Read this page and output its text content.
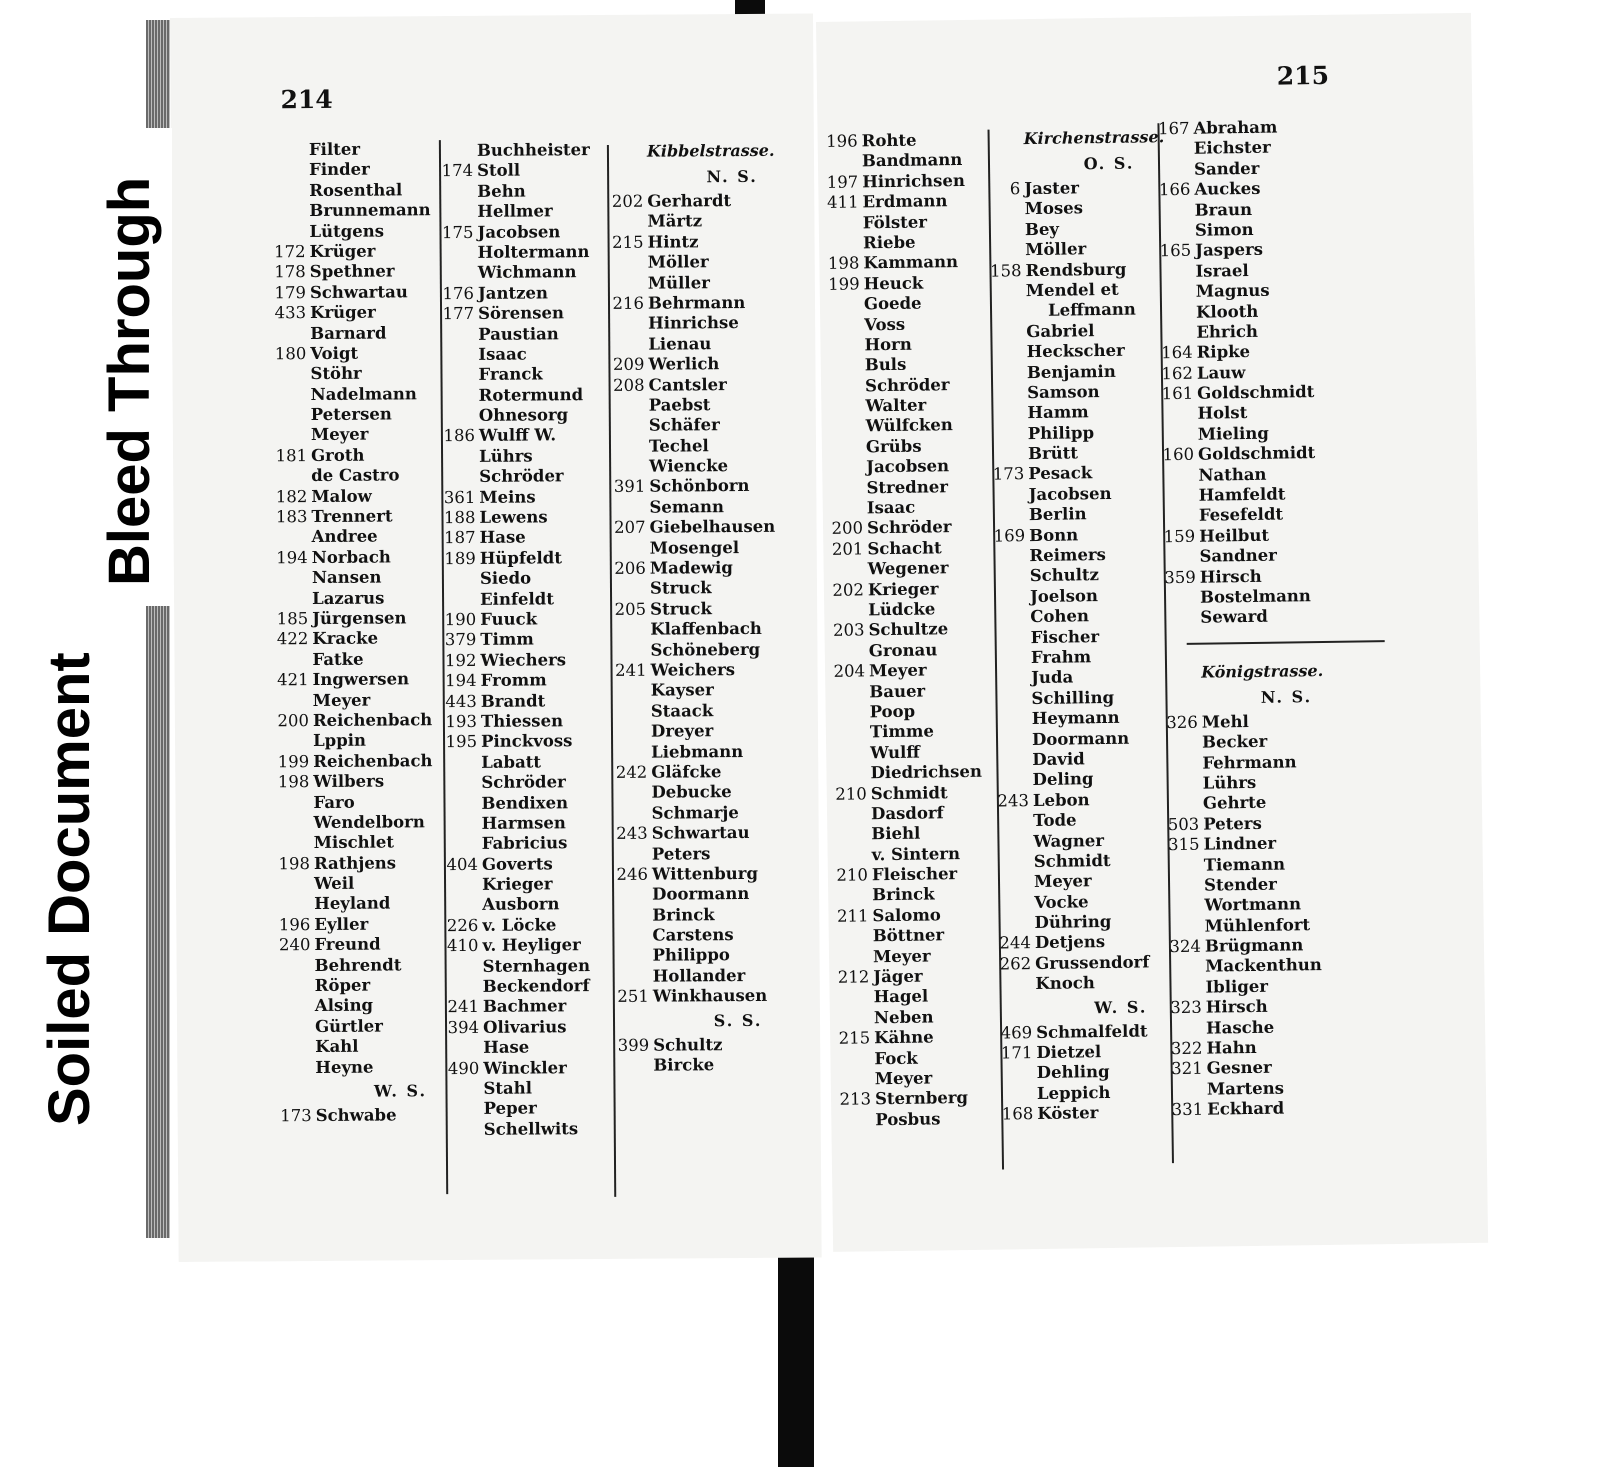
214
Filter
Finder
Rosenthal
Brunnemann
Lütgens
172 Krüger
178 Spethner
179 Schwartau
433 Krüger
Barnard
180 Voigt
Stöhr
Nadelmann
Petersen
Meyer
181 Groth
de Castro
182 Malow
183 Trennert
Andree
194 Norbach
Nansen
Lazarus
185 Jürgensen
422 Kracke
Fatke
421 Ingwersen
Meyer
200 Reichenbach
Lppin
199 Reichenbach
198 Wilbers
Faro
Wendelborn
Mischlet
198 Rathjens
Weil
Heyland
196 Eyller
240 Freund
Behrendt
Röper
Alsing
Gürtler
Kahl
Heyne
W. S.
173 Schwabe
Buchheister
174 Stoll
Behn
Hellmer
175 Jacobsen
Holtermann
Wichmann
176 Jantzen
177 Sörensen
Paustian
Isaac
Franck
Rotermund
Ohnesorg
186 Wulff W.
Lührs
Schröder
361 Meins
188 Lewens
187 Hase
189 Hüpfeldt
Siedo
Einfeldt
190 Fuuck
379 Timm
192 Wiechers
194 Fromm
443 Brandt
193 Thiessen
195 Pinckvoss
Labatt
Schröder
Bendixen
Harmsen
Fabricius
404 Goverts
Krieger
Ausborn
226 v. Löcke
410 v. Heyliger
Sternhagen
Beckendorf
241 Bachmer
394 Olivarius
Hase
490 Winckler
Stahl
Peper
Schellwits
Kibbelstrasse.
N. S.
202 Gerhardt
Märtz
215 Hintz
Möller
Müller
216 Behrmann
Hinrichse
Lienau
209 Werlich
208 Cantsler
Paebst
Schäfer
Techel
Wiencke
391 Schönborn
Semann
207 Giebelhausen
Mosengel
206 Madewig
Struck
205 Struck
Klaffenbach
Schöneberg
241 Weichers
Kayser
Staack
Dreyer
Liebmann
242 Gläfcke
Debucke
Schmarje
243 Schwartau
Peters
246 Wittenburg
Doormann
Brinck
Carstens
Philippo
Hollander
251 Winkhausen
S. S.
399 Schultz
Bircke
215
196 Rohte
Bandmann
197 Hinrichsen
411 Erdmann
Fölster
Riebe
198 Kammann
199 Heuck
Goede
Voss
Horn
Buls
Schröder
Walter
Wülfcken
Grübs
Jacobsen
Stredner
Isaac
200 Schröder
201 Schacht
Wegener
202 Krieger
Lüdcke
203 Schultze
Gronau
204 Meyer
Bauer
Poop
Timme
Wulff
Diedrichsen
210 Schmidt
Dasdorf
Biehl
v. Sintern
210 Fleischer
Brinck
211 Salomo
Böttner
Meyer
212 Jäger
Hagel
Neben
215 Kähne
Fock
Meyer
213 Sternberg
Posbus
Kirchenstrasse.
O. S.
6 Jaster
Moses
Bey
Möller
158 Rendsburg
Mendel et
Leffmann
Gabriel
Heckscher
Benjamin
Samson
Hamm
Philipp
Brütt
173 Pesack
Jacobsen
Berlin
169 Bonn
Reimers
Schultz
Joelson
Cohen
Fischer
Frahm
Juda
Schilling
Heymann
Doormann
David
Deling
243 Lebon
Tode
Wagner
Schmidt
Meyer
Vocke
Dühring
244 Detjens
262 Grussendorf
Knoch
W. S.
469 Schmalfeldt
171 Dietzel
Dehling
Leppich
168 Köster
167 Abraham
Eichster
Sander
166 Auckes
Braun
Simon
165 Jaspers
Israel
Magnus
Klooth
Ehrich
164 Ripke
162 Lauw
161 Goldschmidt
Holst
Mieling
160 Goldschmidt
Nathan
Hamfeldt
Fesefeldt
159 Heilbut
Sandner
359 Hirsch
Bostelmann
Seward
Königstrasse.
N. S.
326 Mehl
Becker
Fehrmann
Lührs
Gehrte
503 Peters
315 Lindner
Tiemann
Stender
Wortmann
Mühlenfort
324 Brügmann
Mackenthun
Ibliger
323 Hirsch
Hasche
322 Hahn
321 Gesner
Martens
331 Eckhard
Bleed Through
Soiled Document
